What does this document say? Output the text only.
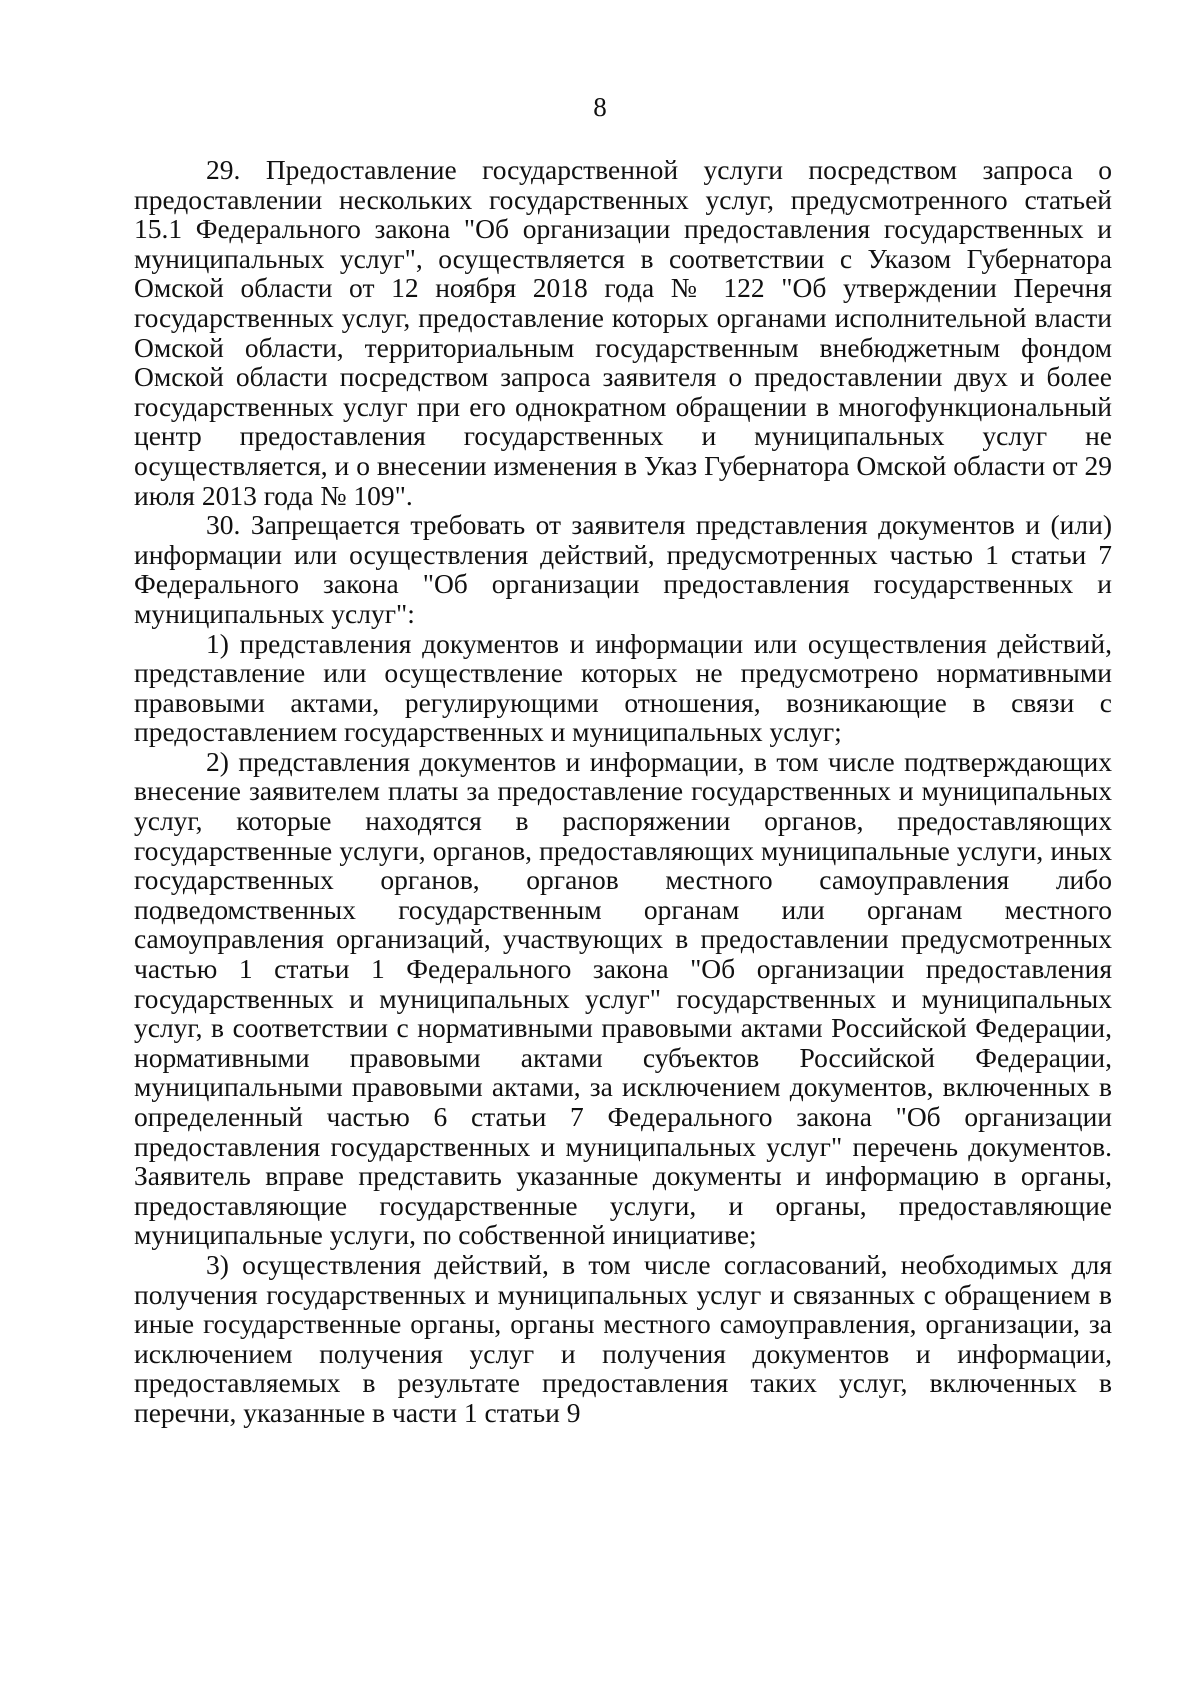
8

29. Предоставление государственной услуги посредством запроса о предоставлении нескольких государственных услуг, предусмотренного статьей 15.1 Федерального закона "Об организации предоставления государственных и муниципальных услуг", осуществляется в соответствии с Указом Губернатора Омской области от 12 ноября 2018 года № 122 "Об утверждении Перечня государственных услуг, предоставление которых органами исполнительной власти Омской области, территориальным государственным внебюджетным фондом Омской области посредством запроса заявителя о предоставлении двух и более государственных услуг при его однократном обращении в многофункциональный центр предоставления государственных и муниципальных услуг не осуществляется, и о внесении изменения в Указ Губернатора Омской области от 29 июля 2013 года № 109".

30. Запрещается требовать от заявителя представления документов и (или) информации или осуществления действий, предусмотренных частью 1 статьи 7 Федерального закона "Об организации предоставления государственных и муниципальных услуг":

1) представления документов и информации или осуществления действий, представление или осуществление которых не предусмотрено нормативными правовыми актами, регулирующими отношения, возникающие в связи с предоставлением государственных и муниципальных услуг;

2) представления документов и информации, в том числе подтверждающих внесение заявителем платы за предоставление государственных и муниципальных услуг, которые находятся в распоряжении органов, предоставляющих государственные услуги, органов, предоставляющих муниципальные услуги, иных государственных органов, органов местного самоуправления либо подведомственных государственным органам или органам местного самоуправления организаций, участвующих в предоставлении предусмотренных частью 1 статьи 1 Федерального закона "Об организации предоставления государственных и муниципальных услуг" государственных и муниципальных услуг, в соответствии с нормативными правовыми актами Российской Федерации, нормативными правовыми актами субъектов Российской Федерации, муниципальными правовыми актами, за исключением документов, включенных в определенный частью 6 статьи 7 Федерального закона "Об организации предоставления государственных и муниципальных услуг" перечень документов. Заявитель вправе представить указанные документы и информацию в органы, предоставляющие государственные услуги, и органы, предоставляющие муниципальные услуги, по собственной инициативе;

3) осуществления действий, в том числе согласований, необходимых для получения государственных и муниципальных услуг и связанных с обращением в иные государственные органы, органы местного самоуправления, организации, за исключением получения услуг и получения документов и информации, предоставляемых в результате предоставления таких услуг, включенных в перечни, указанные в части 1 статьи 9
